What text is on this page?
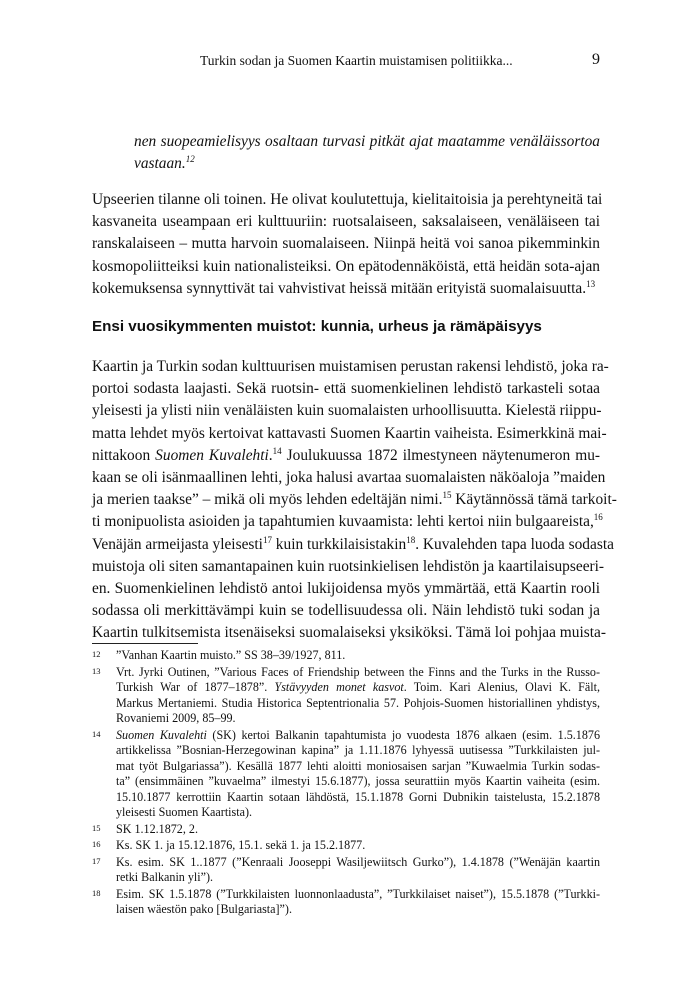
Turkin sodan ja Suomen Kaartin muistamisen politiikka...	9
nen suopeamielisyys osaltaan turvasi pitkät ajat maatamme venäläissortoa
vastaan.$^{12}$
Upseerien tilanne oli toinen. He olivat koulutettuja, kielitaitoisia ja perehtyneitä tai
kasvaneita useampaan eri kulttuuriin: ruotsalaiseen, saksalaiseen, venäläiseen tai
ranskalaiseen – mutta harvoin suomalaiseen. Niinpä heitä voi sanoa pikemminkin
kosmopoliitteiksi kuin nationalisteiksi. On epätodennäköistä, että heidän sota-ajan
kokemuksensa synnyttivät tai vahvistivat heissä mitään erityistä suomalaisuutta.$^{13}$
Ensi vuosikymmenten muistot: kunnia, urheus ja rämäpäisyys
Kaartin ja Turkin sodan kulttuurisen muistamisen perustan rakensi lehdistö, joka ra-
portoi sodasta laajasti. Sekä ruotsin- että suomenkielinen lehdistö tarkasteli sotaa
yleisesti ja ylisti niin venäläisten kuin suomalaisten urhoollisuutta. Kielestä riippu-
matta lehdet myös kertoivat kattavasti Suomen Kaartin vaiheista. Esimerkkinä mai-
nittakoon Suomen Kuvalehti.$^{14}$ Joulukuussa 1872 ilmestyneen näytenumeron mu-
kaan se oli isänmaallinen lehti, joka halusi avartaa suomalaisten näköaloja ”maiden
ja merien taakse” – mikä oli myös lehden edeltäjän nimi.$^{15}$ Käytännössä tämä tarkoit-
ti monipuolista asioiden ja tapahtumien kuvaamista: lehti kertoi niin bulgaareista,$^{16}$
Venäjän armeijasta yleisesti$^{17}$ kuin turkkilaisistakin$^{18}$. Kuvalehden tapa luoda sodasta
muistoja oli siten samantapainen kuin ruotsinkielisen lehdistön ja kaartilaisupseeri-
en. Suomenkielinen lehdistö antoi lukijoidensa myös ymmärtää, että Kaartin rooli
sodassa oli merkittävämpi kuin se todellisuudessa oli. Näin lehdistö tuki sodan ja
Kaartin tulkitsemista itsenäiseksi suomalaiseksi yksiköksi. Tämä loi pohjaa muista-
12 ”Vanhan Kaartin muisto.” SS 38–39/1927, 811.
13 Vrt. Jyrki Outinen, ”Various Faces of Friendship between the Finns and the Turks in the Russo-
Turkish War of 1877–1878”. Ystävyyden monet kasvot. Toim. Kari Alenius, Olavi K. Fält,
Markus Mertaniemi. Studia Historica Septentrionalia 57. Pohjois-Suomen historiallinen yhdistys,
Rovaniemi 2009, 85–99.
14 Suomen Kuvalehti (SK) kertoi Balkanin tapahtumista jo vuodesta 1876 alkaen (esim. 1.5.1876
artikkelissa ”Bosnian-Herzegowinan kapina” ja 1.11.1876 lyhyessä uutisessa ”Turkkilaisten jul-
mat työt Bulgariassa”). Kesällä 1877 lehti aloitti moniosaisen sarjan ”Kuwaelmia Turkin sodas-
ta” (ensimmäinen ”kuvaelma” ilmestyi 15.6.1877), jossa seurattiin myös Kaartin vaiheita (esim.
15.10.1877 kerrottiin Kaartin sotaan lähdöstä, 15.1.1878 Gorni Dubnikin taistelusta, 15.2.1878
yleisesti Suomen Kaartista).
15 SK 1.12.1872, 2.
16 Ks. SK 1. ja 15.12.1876, 15.1. sekä 1. ja 15.2.1877.
17 Ks. esim. SK 1..1877 (”Kenraali Jooseppi Wasiljewiitsch Gurko”), 1.4.1878 (”Wenäjän kaartin
retki Balkanin yli”).
18 Esim. SK 1.5.1878 (”Turkkilaisten luonnonlaadusta”, ”Turkkilaiset naiset”), 15.5.1878 (”Turkki-
laisen wäestön pako [Bulgariasta]”).
